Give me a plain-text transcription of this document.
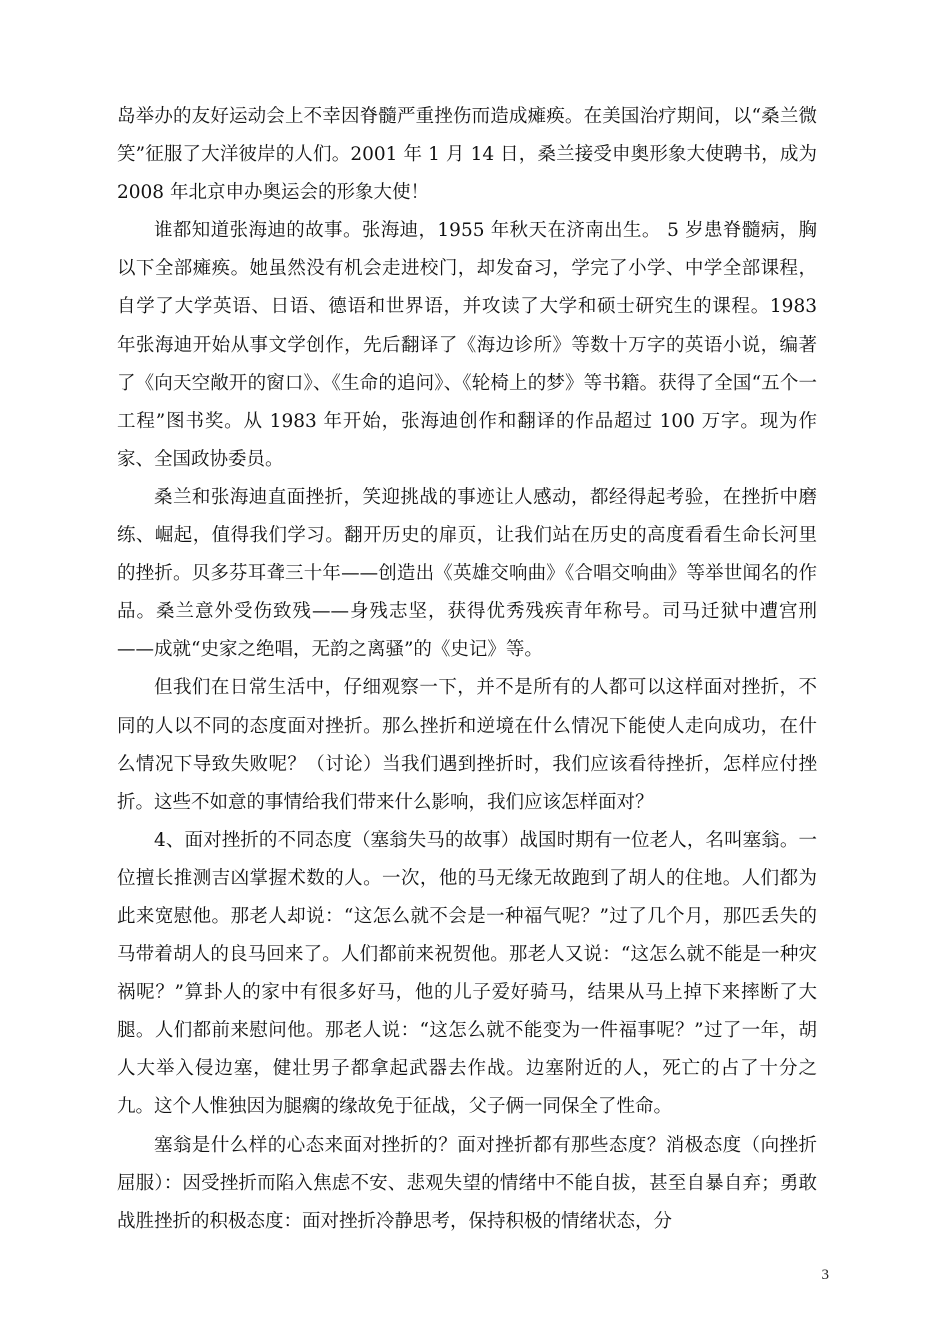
岛举办的友好运动会上不幸因脊髓严重挫伤而造成瘫痪。在美国治疗期间，以“桑兰微笑”征服了大洋彼岸的人们。2001 年 1 月 14 日，桑兰接受申奥形象大使聘书，成为 2008 年北京申办奥运会的形象大使！

谁都知道张海迪的故事。张海迪，1955 年秋天在济南出生。 5 岁患脊髓病，胸以下全部瘫痪。她虽然没有机会走进校门，却发奋习，学完了小学、中学全部课程，自学了大学英语、日语、德语和世界语，并攻读了大学和硕士研究生的课程。1983 年张海迪开始从事文学创作，先后翻译了《海边诊所》等数十万字的英语小说，编著了《向天空敞开的窗口》、《生命的追问》、《轮椅上的梦》等书籍。获得了全国“五个一工程”图书奖。从 1983 年开始，张海迪创作和翻译的作品超过 100 万字。现为作家、全国政协委员。

桑兰和张海迪直面挫折，笑迎挑战的事迹让人感动，都经得起考验，在挫折中磨练、崛起，值得我们学习。翻开历史的扉页，让我们站在历史的高度看看生命长河里的挫折。贝多芬耳聋三十年——创造出《英雄交响曲》《合唱交响曲》等举世闻名的作品。桑兰意外受伤致残——身残志坚，获得优秀残疾青年称号。司马迁狱中遭宫刑——成就“史家之绝唱，无韵之离骚”的《史记》等。

但我们在日常生活中，仔细观察一下，并不是所有的人都可以这样面对挫折，不同的人以不同的态度面对挫折。那么挫折和逆境在什么情况下能使人走向成功，在什么情况下导致失败呢？（讨论）当我们遇到挫折时，我们应该看待挫折，怎样应付挫折。这些不如意的事情给我们带来什么影响，我们应该怎样面对？

4、面对挫折的不同态度（塞翁失马的故事）战国时期有一位老人，名叫塞翁。一位擅长推测吉凶掌握术数的人。一次，他的马无缘无故跑到了胡人的住地。人们都为此来宽慰他。那老人却说：“这怎么就不会是一种福气呢？”过了几个月，那匹丢失的马带着胡人的良马回来了。人们都前来祝贺他。那老人又说：“这怎么就不能是一种灾祸呢？”算卦人的家中有很多好马，他的儿子爱好骑马，结果从马上掉下来摔断了大腿。人们都前来慰问他。那老人说：“这怎么就不能变为一件福事呢？”过了一年，胡人大举入侵边塞，健壮男子都拿起武器去作战。边塞附近的人，死亡的占了十分之九。这个人惟独因为腿瘸的缘故免于征战，父子俩一同保全了性命。

塞翁是什么样的心态来面对挫折的？面对挫折都有那些态度？消极态度（向挫折屈服）：因受挫折而陷入焦虑不安、悲观失望的情绪中不能自拔，甚至自暴自弃；勇敢战胜挫折的积极态度：面对挫折冷静思考，保持积极的情绪状态，分

3
